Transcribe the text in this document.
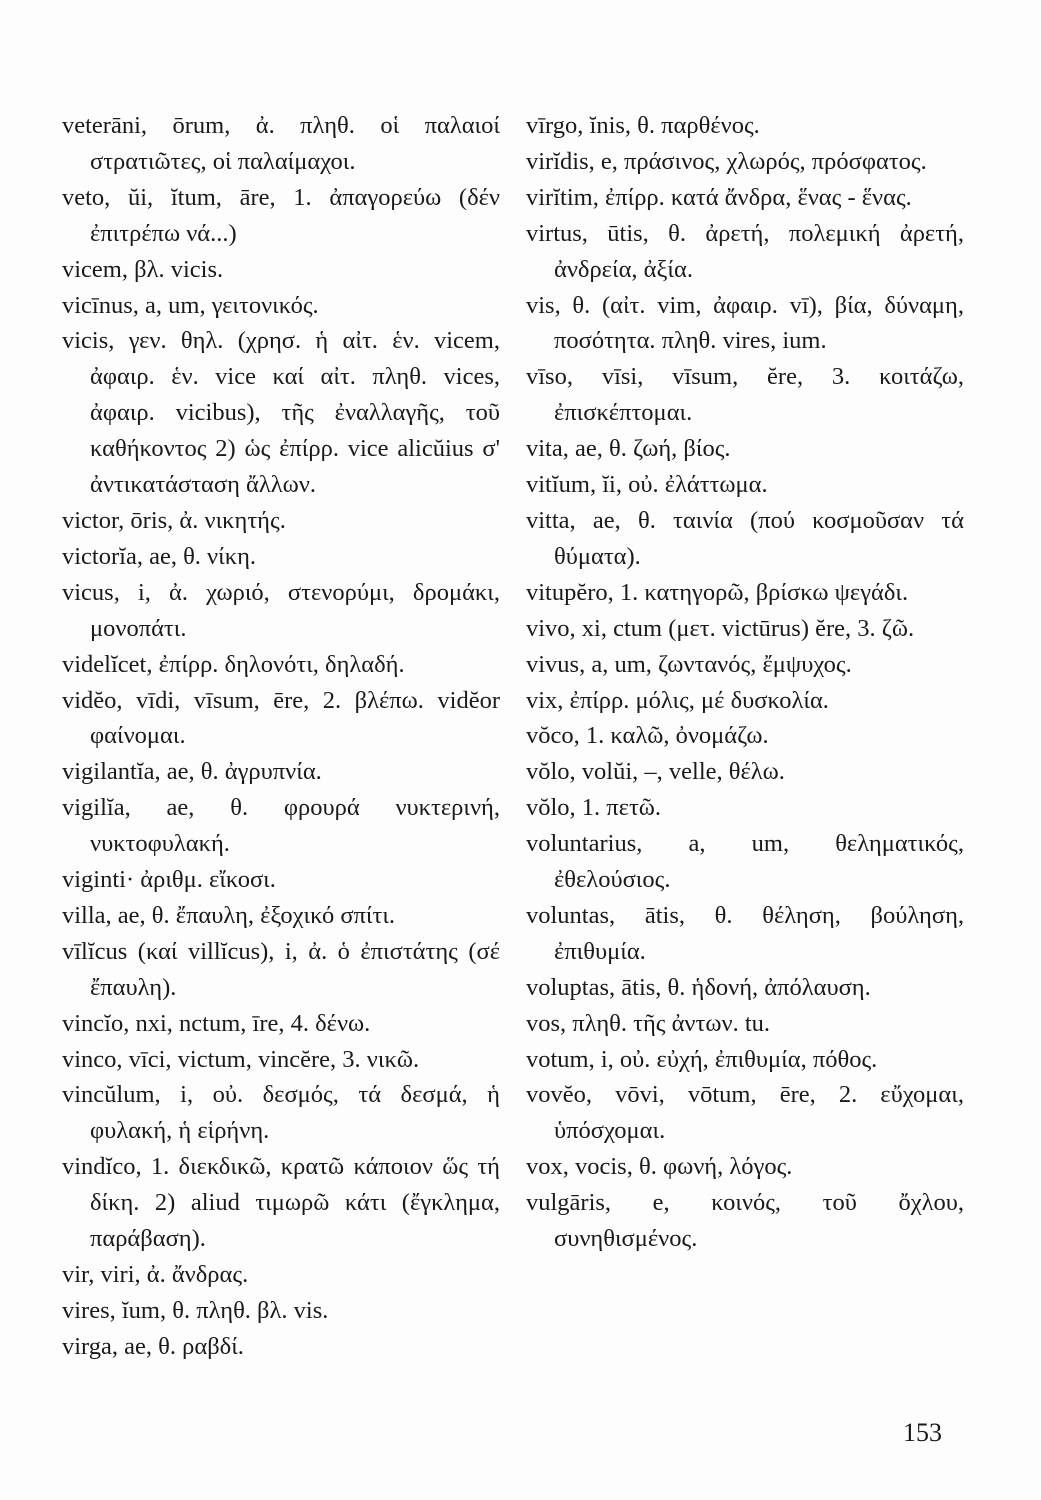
veterāni, ōrum, ἀ. πληθ. οἱ παλαιοί στρατιῶτες, οἱ παλαίμαχοι.

veto, ŭi, ĭtum, āre, 1. ἀπαγορεύω (δέν ἐπιτρέπω νά...)

vicem, βλ. vicis.

vicīnus, a, um, γειτονικός.

vicis, γεν. θηλ. (χρησ. ἡ αἰτ. ἑν. vicem, ἀφαιρ. ἑν. vice καί αἰτ. πληθ. vices, ἀφαιρ. vicibus), τῆς ἐναλλαγῆς, τοῦ καθήκοντος 2) ὡς ἐπίρρ. vice alicŭius σ' ἀντικατάσταση ἄλλων.

victor, ōris, ἀ. νικητής.

victorĭa, ae, θ. νίκη.

vicus, i, ἀ. χωριό, στενορύμι, δρομάκι, μονοπάτι.

videlĭcet, ἐπίρρ. δηλονότι, δηλαδή.

vidĕo, vīdi, vīsum, ēre, 2. βλέπω. vidĕor φαίνομαι.

vigilantĭa, ae, θ. ἀγρυπνία.

vigilĭa, ae, θ. φρουρά νυκτερινή, νυκτοφυλακή.

viginti· ἀριθμ. εἴκοσι.

villa, ae, θ. ἔπαυλη, ἐξοχικό σπίτι.

vīlĭcus (καί villĭcus), i, ἀ. ὁ ἐπιστάτης (σέ ἔπαυλη).

vincĭo, nxi, nctum, īre, 4. δένω.

vinco, vīci, victum, vincĕre, 3. νικῶ.

vincŭlum, i, οὐ. δεσμός, τά δεσμά, ἡ φυλακή, ἡ εἱρήνη.

vindĭco, 1. διεκδικῶ, κρατῶ κάποιον ὥς τή δίκη. 2) aliud τιμωρῶ κάτι (ἔγκλημα, παράβαση).

vir, viri, ἀ. ἄνδρας.

vires, ĭum, θ. πληθ. βλ. vis.

virga, ae, θ. ραβδί.

vīrgo, ĭnis, θ. παρθένος.

virĭdis, e, πράσινος, χλωρός, πρόσφατος.

virĭtim, ἐπίρρ. κατά ἄνδρα, ἕνας - ἕνας.

virtus, ūtis, θ. ἀρετή, πολεμική ἀρετή, ἀνδρεία, ἀξία.

vis, θ. (αἰτ. vim, ἀφαιρ. vī), βία, δύναμη, ποσότητα. πληθ. vires, ium.

vīso, vīsi, vīsum, ĕre, 3. κοιτάζω, ἐπισκέπτομαι.

vita, ae, θ. ζωή, βίος.

vitĭum, ĭi, οὐ. ἐλάττωμα.

vitta, ae, θ. ταινία (πού κοσμοῦσαν τά θύματα).

vitupĕro, 1. κατηγορῶ, βρίσκω ψεγάδι.

vivo, xi, ctum (μετ. victūrus) ĕre, 3. ζῶ.

vivus, a, um, ζωντανός, ἔμψυχος.

vix, ἐπίρρ. μόλις, μέ δυσκολία.

vŏco, 1. καλῶ, ὀνομάζω.

vŏlo, volŭi, –, velle, θέλω.

vŏlo, 1. πετῶ.

voluntarius, a, um, θεληματικός, ἐθελούσιος.

voluntas, ātis, θ. θέληση, βούληση, ἐπιθυμία.

voluptas, ātis, θ. ἡδονή, ἀπόλαυση.

vos, πληθ. τῆς ἀντων. tu.

votum, i, οὐ. εὐχή, ἐπιθυμία, πόθος.

vovĕo, vōvi, vōtum, ēre, 2. εὔχομαι, ὑπόσχομαι.

vox, vocis, θ. φωνή, λόγος.

vulgāris, e, κοινός, τοῦ ὄχλου, συνηθισμένος.

153
